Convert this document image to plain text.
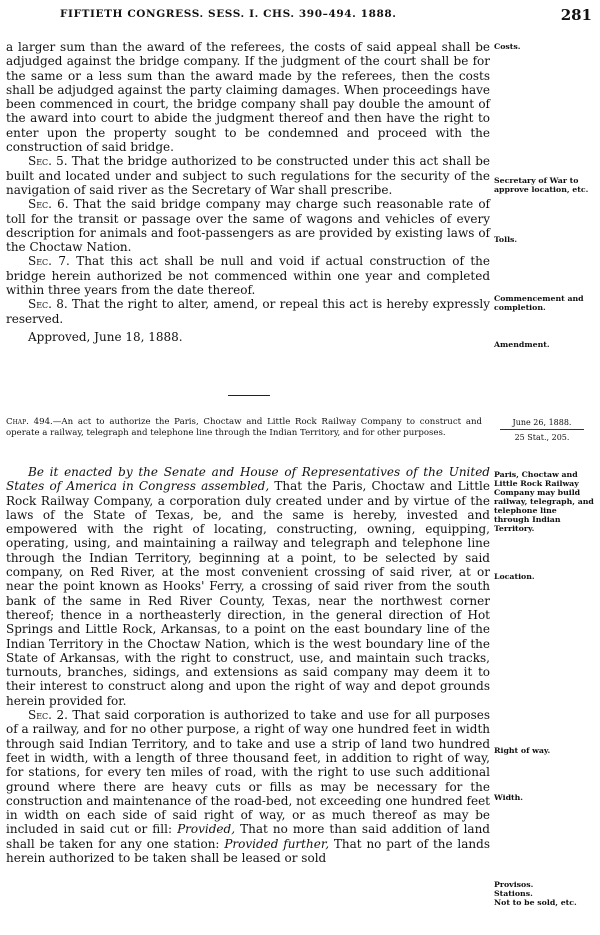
FIFTIETH CONGRESS. SESS. I. CHS. 390–494. 1888.	281

a larger sum than the award of the referees, the costs of said appeal shall be adjudged against the bridge company. If the judgment of the court shall be for the same or a less sum than the award made by the referees, then the costs shall be adjudged against the party claiming damages. When proceedings have been commenced in court, the bridge company shall pay double the amount of the award into court to abide the judgment thereof and then have the right to enter upon the property sought to be condemned and proceed with the construction of said bridge.

Sec. 5. That the bridge authorized to be constructed under this act shall be built and located under and subject to such regulations for the security of the navigation of said river as the Secretary of War shall prescribe.

Sec. 6. That the said bridge company may charge such reasonable rate of toll for the transit or passage over the same of wagons and vehicles of every description for animals and foot-passengers as are provided by existing laws of the Choctaw Nation.

Sec. 7. That this act shall be null and void if actual construction of the bridge herein authorized be not commenced within one year and completed within three years from the date thereof.

Sec. 8. That the right to alter, amend, or repeal this act is hereby expressly reserved.

Approved, June 18, 1888.

Chap. 494.—An act to authorize the Paris, Choctaw and Little Rock Railway Company to construct and operate a railway, telegraph and telephone line through the Indian Territory, and for other purposes.

Be it enacted by the Senate and House of Representatives of the United States of America in Congress assembled, That the Paris, Choctaw and Little Rock Railway Company, a corporation duly created under and by virtue of the laws of the State of Texas, be, and the same is hereby, invested and empowered with the right of locating, constructing, owning, equipping, operating, using, and maintaining a railway and telegraph and telephone line through the Indian Territory, beginning at a point, to be selected by said company, on Red River, at the most convenient crossing of said river, at or near the point known as Hooks' Ferry, a crossing of said river from the south bank of the same in Red River County, Texas, near the northwest corner thereof; thence in a northeasterly direction, in the general direction of Hot Springs and Little Rock, Arkansas, to a point on the east boundary line of the Indian Territory in the Choctaw Nation, which is the west boundary line of the State of Arkansas, with the right to construct, use, and maintain such tracks, turnouts, branches, sidings, and extensions as said company may deem it to their interest to construct along and upon the right of way and depot grounds herein provided for.

Sec. 2. That said corporation is authorized to take and use for all purposes of a railway, and for no other purpose, a right of way one hundred feet in width through said Indian Territory, and to take and use a strip of land two hundred feet in width, with a length of three thousand feet, in addition to right of way, for stations, for every ten miles of road, with the right to use such additional ground where there are heavy cuts or fills as may be necessary for the construction and maintenance of the road-bed, not exceeding one hundred feet in width on each side of said right of way, or as much thereof as may be included in said cut or fill: Provided, That no more than said addition of land shall be taken for any one station: Provided further, That no part of the lands herein authorized to be taken shall be leased or sold

Costs.
Secretary of War to approve location, etc.
Tolls.
Commencement and completion.
Amendment.
June 26, 1888.
25 Stat., 205.
Paris, Choctaw and Little Rock Railway Company may build railway, telegraph, and telephone line through Indian Territory.
Location.
Right of way.
Width.
Provisos.
Stations.
Not to be sold, etc.
